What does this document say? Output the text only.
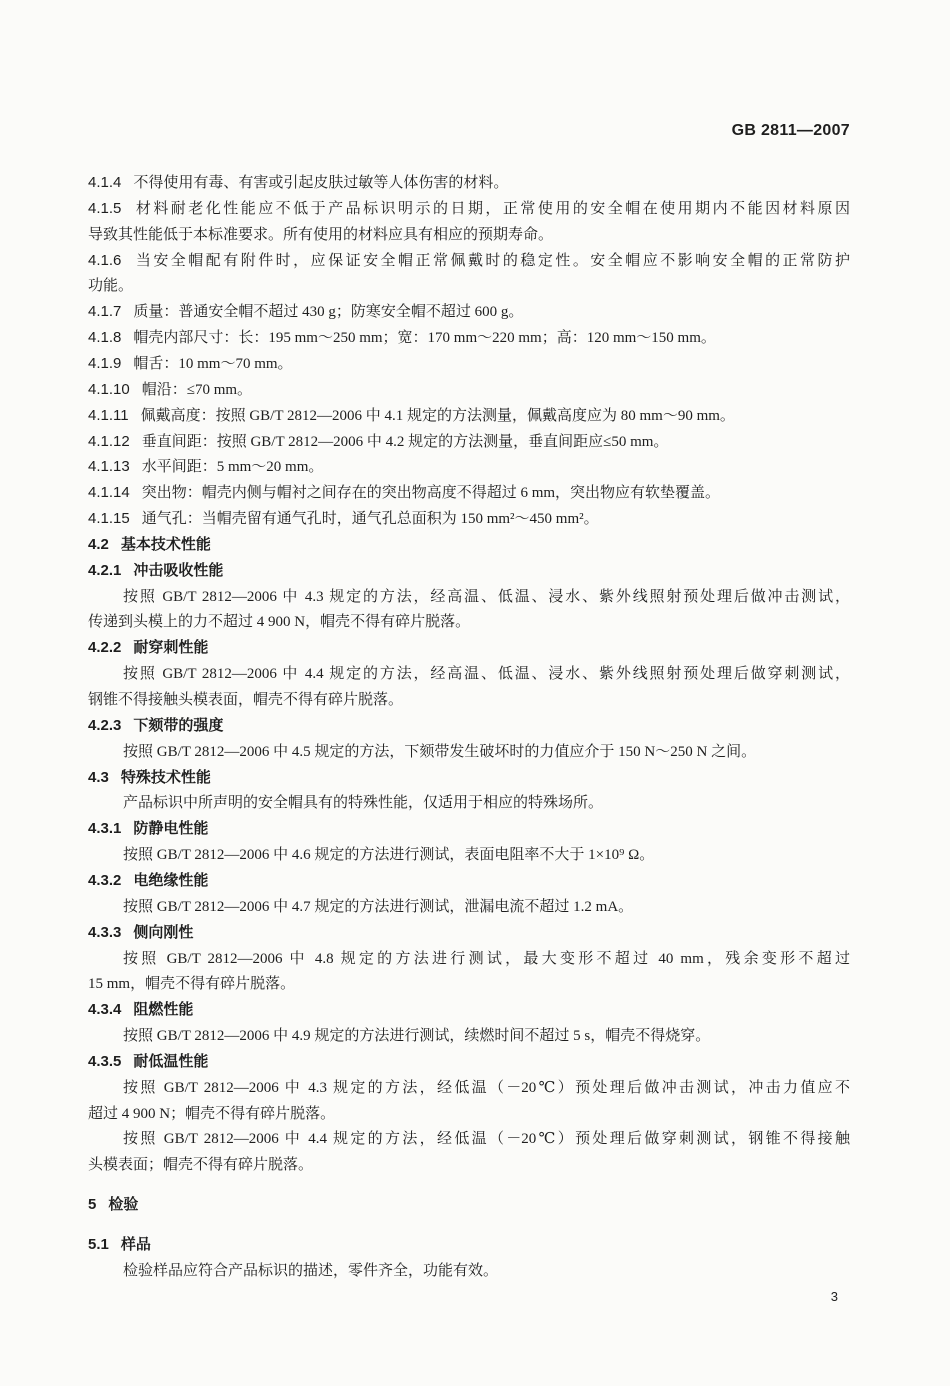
GB 2811—2007
4.1.4 不得使用有毒、有害或引起皮肤过敏等人体伤害的材料。
4.1.5 材料耐老化性能应不低于产品标识明示的日期，正常使用的安全帽在使用期内不能因材料原因
导致其性能低于本标准要求。所有使用的材料应具有相应的预期寿命。
4.1.6 当安全帽配有附件时，应保证安全帽正常佩戴时的稳定性。安全帽应不影响安全帽的正常防护
功能。
4.1.7 质量：普通安全帽不超过 430 g；防寒安全帽不超过 600 g。
4.1.8 帽壳内部尺寸：长：195 mm～250 mm；宽：170 mm～220 mm；高：120 mm～150 mm。
4.1.9 帽舌：10 mm～70 mm。
4.1.10 帽沿：≤70 mm。
4.1.11 佩戴高度：按照 GB/T 2812—2006 中 4.1 规定的方法测量，佩戴高度应为 80 mm～90 mm。
4.1.12 垂直间距：按照 GB/T 2812—2006 中 4.2 规定的方法测量，垂直间距应≤50 mm。
4.1.13 水平间距：5 mm～20 mm。
4.1.14 突出物：帽壳内侧与帽衬之间存在的突出物高度不得超过 6 mm，突出物应有软垫覆盖。
4.1.15 通气孔：当帽壳留有通气孔时，通气孔总面积为 150 mm²～450 mm²。
4.2 基本技术性能
4.2.1 冲击吸收性能
按照 GB/T 2812—2006 中 4.3 规定的方法，经高温、低温、浸水、紫外线照射预处理后做冲击测试，
传递到头模上的力不超过 4 900 N，帽壳不得有碎片脱落。
4.2.2 耐穿刺性能
按照 GB/T 2812—2006 中 4.4 规定的方法，经高温、低温、浸水、紫外线照射预处理后做穿刺测试，
钢锥不得接触头模表面，帽壳不得有碎片脱落。
4.2.3 下颏带的强度
按照 GB/T 2812—2006 中 4.5 规定的方法，下颏带发生破坏时的力值应介于 150 N～250 N 之间。
4.3 特殊技术性能
产品标识中所声明的安全帽具有的特殊性能，仅适用于相应的特殊场所。
4.3.1 防静电性能
按照 GB/T 2812—2006 中 4.6 规定的方法进行测试，表面电阻率不大于 1×10⁹ Ω。
4.3.2 电绝缘性能
按照 GB/T 2812—2006 中 4.7 规定的方法进行测试，泄漏电流不超过 1.2 mA。
4.3.3 侧向刚性
按照 GB/T 2812—2006 中 4.8 规定的方法进行测试，最大变形不超过 40 mm，残余变形不超过
15 mm，帽壳不得有碎片脱落。
4.3.4 阻燃性能
按照 GB/T 2812—2006 中 4.9 规定的方法进行测试，续燃时间不超过 5 s，帽壳不得烧穿。
4.3.5 耐低温性能
按照 GB/T 2812—2006 中 4.3 规定的方法，经低温（－20℃）预处理后做冲击测试，冲击力值应不
超过 4 900 N；帽壳不得有碎片脱落。
按照 GB/T 2812—2006 中 4.4 规定的方法，经低温（－20℃）预处理后做穿刺测试，钢锥不得接触
头模表面；帽壳不得有碎片脱落。
5 检验
5.1 样品
检验样品应符合产品标识的描述，零件齐全，功能有效。
3
